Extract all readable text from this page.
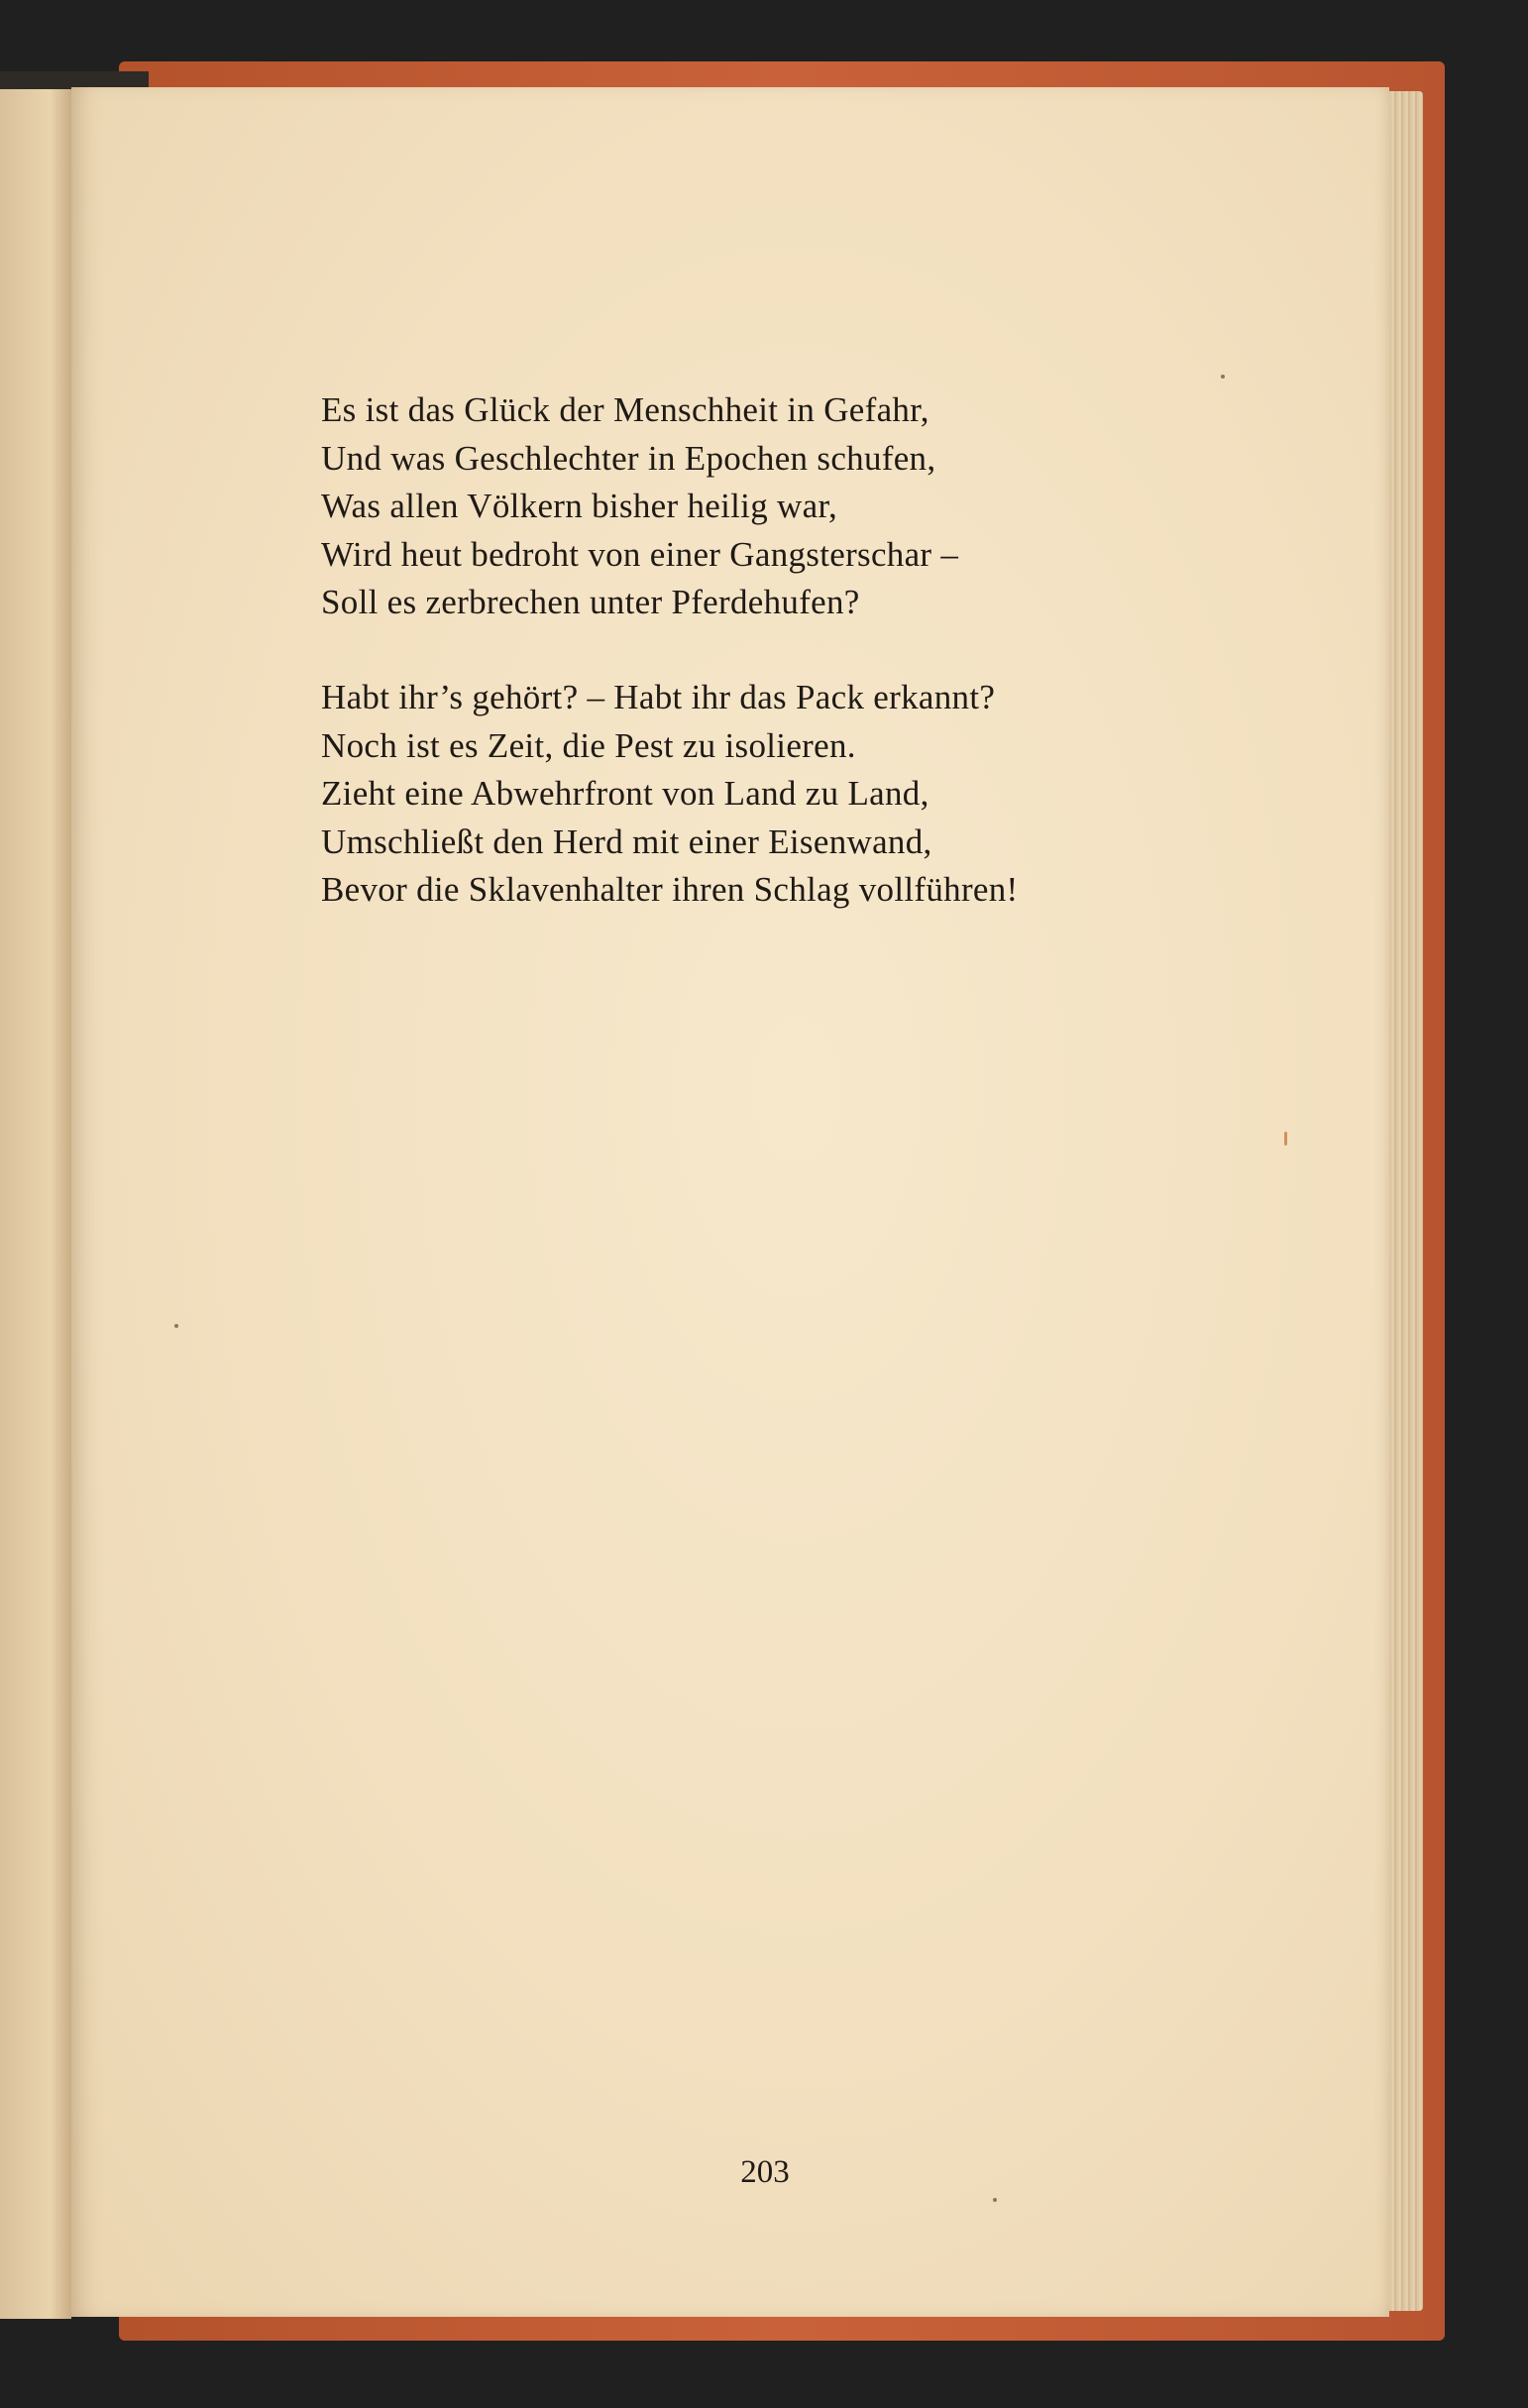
Es ist das Glück der Menschheit in Gefahr,
Und was Geschlechter in Epochen schufen,
Was allen Völkern bisher heilig war,
Wird heut bedroht von einer Gangsterschar –
Soll es zerbrechen unter Pferdehufen?
Habt ihr’s gehört? – Habt ihr das Pack erkannt?
Noch ist es Zeit, die Pest zu isolieren.
Zieht eine Abwehrfront von Land zu Land,
Umschließt den Herd mit einer Eisenwand,
Bevor die Sklavenhalter ihren Schlag vollführen!
203
